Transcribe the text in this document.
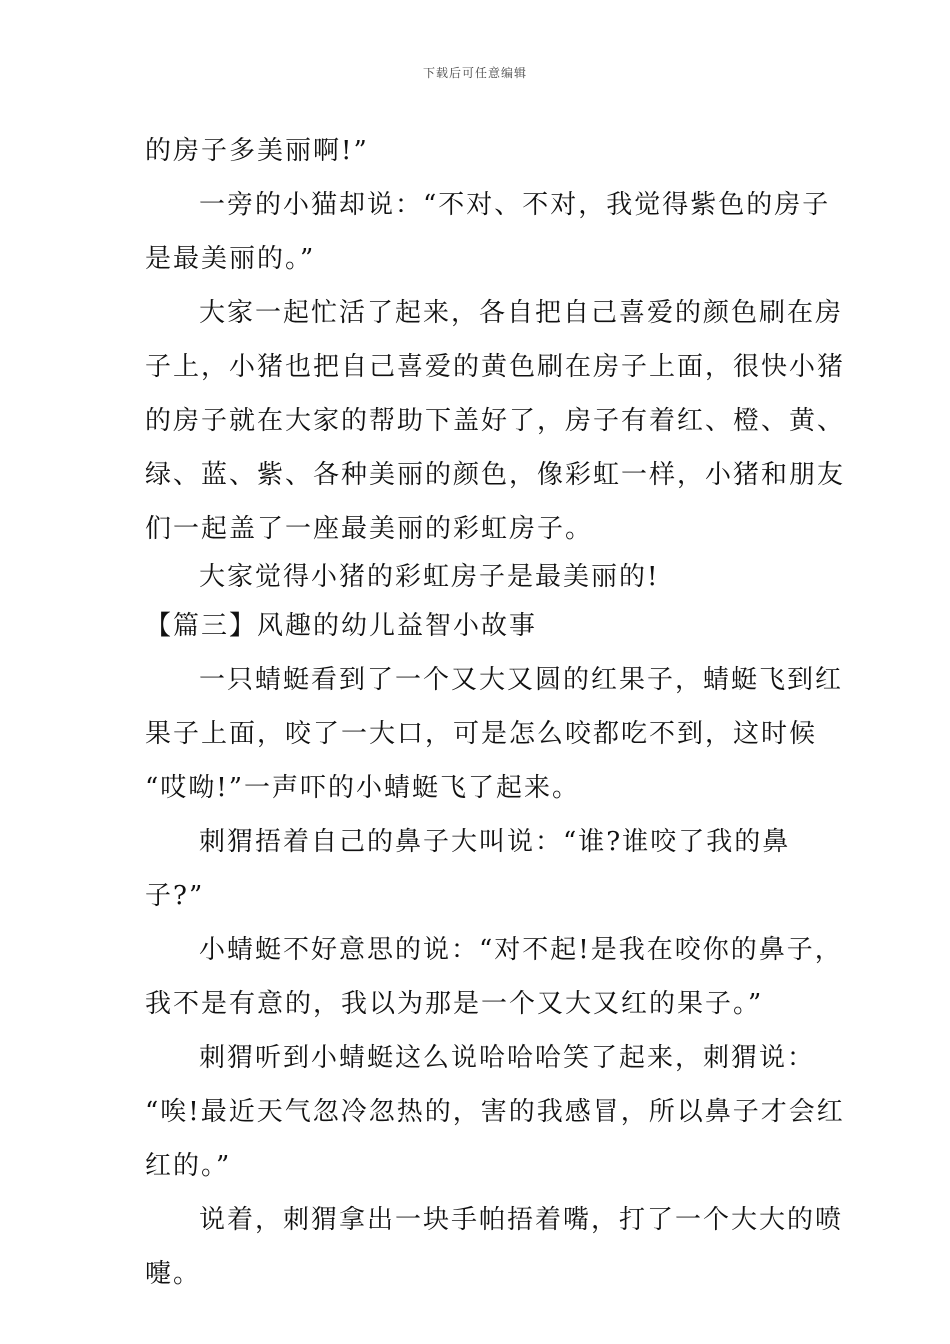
下载后可任意编辑
的房子多美丽啊!”
一旁的小猫却说：“不对、不对，我觉得紫色的房子
是最美丽的。”
大家一起忙活了起来，各自把自己喜爱的颜色刷在房
子上，小猪也把自己喜爱的黄色刷在房子上面，很快小猪
的房子就在大家的帮助下盖好了，房子有着红、橙、黄、
绿、蓝、紫、各种美丽的颜色，像彩虹一样，小猪和朋友
们一起盖了一座最美丽的彩虹房子。
大家觉得小猪的彩虹房子是最美丽的!
【篇三】风趣的幼儿益智小故事
一只蜻蜓看到了一个又大又圆的红果子，蜻蜓飞到红
果子上面，咬了一大口，可是怎么咬都吃不到，这时候
“哎呦!”一声吓的小蜻蜓飞了起来。
刺猬捂着自己的鼻子大叫说：“谁?谁咬了我的鼻
子?”
小蜻蜓不好意思的说：“对不起!是我在咬你的鼻子，
我不是有意的，我以为那是一个又大又红的果子。”
刺猬听到小蜻蜓这么说哈哈哈笑了起来，刺猬说：
“唉!最近天气忽冷忽热的，害的我感冒，所以鼻子才会红
红的。”
说着，刺猬拿出一块手帕捂着嘴，打了一个大大的喷
嚏。
